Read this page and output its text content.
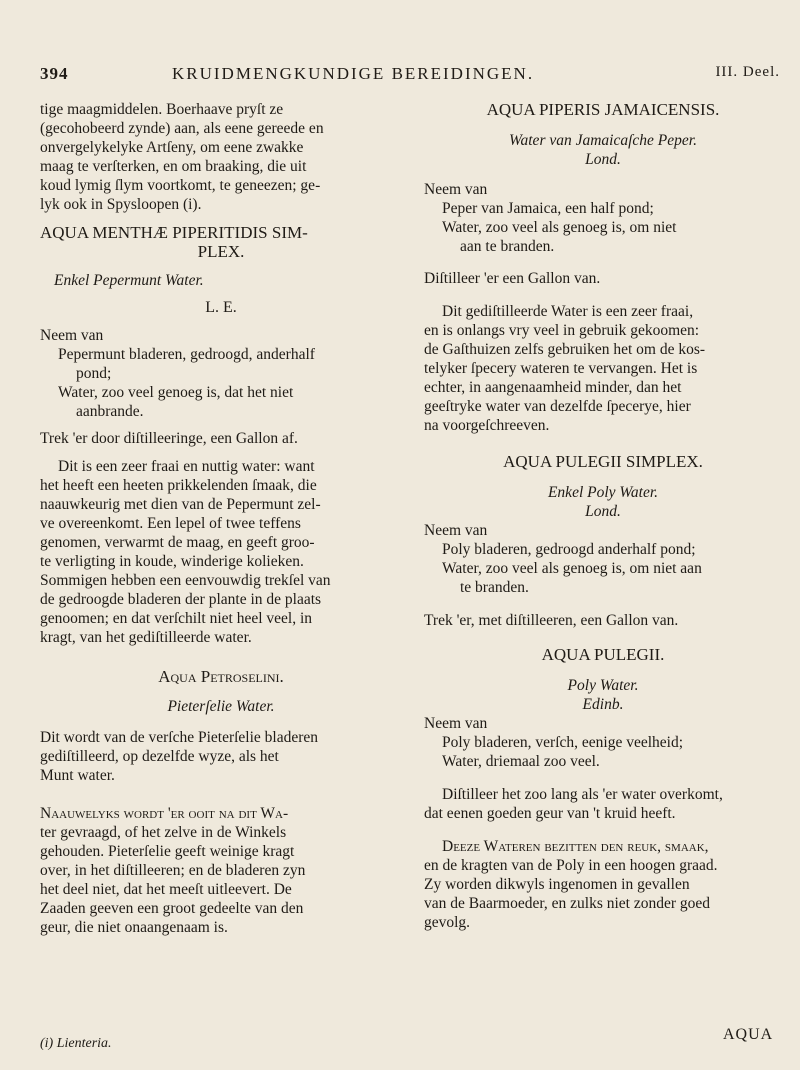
394	KRUIDMENGKUNDIGE BEREIDINGEN.	III. Deel.

tige maagmiddelen. Boerhaave pryſt ze

(gecohobeerd zynde) aan, als eene gereede en

onvergelykelyke Artſeny, om eene zwakke

maag te verſterken, en om braaking, die uit

koud lymig ſlym voortkomt, te geneezen; ge-

lyk ook in Spysloopen (i).

AQUA MENTHÆ PIPERITIDIS SIM-

PLEX.

Enkel Pepermunt Water.

L. E.

Neem van

Pepermunt bladeren, gedroogd, anderhalf

pond;

Water, zoo veel genoeg is, dat het niet

aanbrande.

Trek 'er door diſtilleeringe, een Gallon af.

Dit is een zeer fraai en nuttig water: want

het heeft een heeten prikkelenden ſmaak, die

naauwkeurig met dien van de Pepermunt zel-

ve overeenkomt. Een lepel of twee teffens

genomen, verwarmt de maag, en geeft groo-

te verligting in koude, winderige kolieken.

Sommigen hebben een eenvouwdig trekſel van

de gedroogde bladeren der plante in de plaats

genoomen; en dat verſchilt niet heel veel, in

kragt, van het gediſtilleerde water.

Aqua Petroselini.

Pieterſelie Water.

Dit wordt van de verſche Pieterſelie bladeren

gediſtilleerd, op dezelfde wyze, als het

Munt water.

Naauwelyks wordt 'er ooit na dit Wa-

ter gevraagd, of het zelve in de Winkels

gehouden. Pieterſelie geeft weinige kragt

over, in het diſtilleeren; en de bladeren zyn

het deel niet, dat het meeſt uitleevert. De

Zaaden geeven een groot gedeelte van den

geur, die niet onaangenaam is.

(i) Lienteria.

AQUA PIPERIS JAMAICENSIS.

Water van Jamaicaſche Peper.

Lond.

Neem van

Peper van Jamaica, een half pond;

Water, zoo veel als genoeg is, om niet

aan te branden.

Diſtilleer 'er een Gallon van.

Dit gediſtilleerde Water is een zeer fraai,

en is onlangs vry veel in gebruik gekoomen:

de Gaſthuizen zelfs gebruiken het om de kos-

telyker ſpecery wateren te vervangen. Het is

echter, in aangenaamheid minder, dan het

geeſtryke water van dezelfde ſpecerye, hier

na voorgeſchreeven.

AQUA PULEGII SIMPLEX.

Enkel Poly Water.

Lond.

Neem van

Poly bladeren, gedroogd anderhalf pond;

Water, zoo veel als genoeg is, om niet aan

te branden.

Trek 'er, met diſtilleeren, een Gallon van.

AQUA PULEGII.

Poly Water.

Edinb.

Neem van

Poly bladeren, verſch, eenige veelheid;

Water, driemaal zoo veel.

Diſtilleer het zoo lang als 'er water overkomt,

dat eenen goeden geur van 't kruid heeft.

Deeze Wateren bezitten den reuk, ſmaak,

en de kragten van de Poly in een hoogen graad.

Zy worden dikwyls ingenomen in gevallen

van de Baarmoeder, en zulks niet zonder goed

gevolg.

AQUA
